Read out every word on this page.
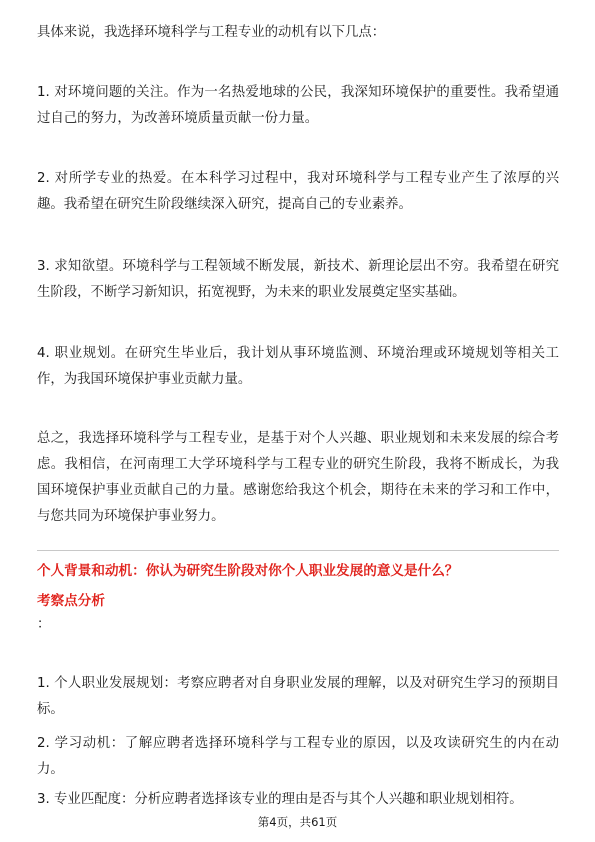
具体来说，我选择环境科学与工程专业的动机有以下几点：

1. 对环境问题的关注。作为一名热爱地球的公民，我深知环境保护的重要性。我希望通过自己的努力，为改善环境质量贡献一份力量。

2. 对所学专业的热爱。在本科学习过程中，我对环境科学与工程专业产生了浓厚的兴趣。我希望在研究生阶段继续深入研究，提高自己的专业素养。

3. 求知欲望。环境科学与工程领域不断发展，新技术、新理论层出不穷。我希望在研究生阶段，不断学习新知识，拓宽视野，为未来的职业发展奠定坚实基础。

4. 职业规划。在研究生毕业后，我计划从事环境监测、环境治理或环境规划等相关工作，为我国环境保护事业贡献力量。

总之，我选择环境科学与工程专业，是基于对个人兴趣、职业规划和未来发展的综合考虑。我相信，在河南理工大学环境科学与工程专业的研究生阶段，我将不断成长，为我国环境保护事业贡献自己的力量。感谢您给我这个机会，期待在未来的学习和工作中，与您共同为环境保护事业努力。

个人背景和动机：你认为研究生阶段对你个人职业发展的意义是什么？
考察点分析
：

1. 个人职业发展规划：考察应聘者对自身职业发展的理解，以及对研究生学习的预期目标。

2. 学习动机：了解应聘者选择环境科学与工程专业的原因，以及攻读研究生的内在动力。

3. 专业匹配度：分析应聘者选择该专业的理由是否与其个人兴趣和职业规划相符。

第4页，共61页
